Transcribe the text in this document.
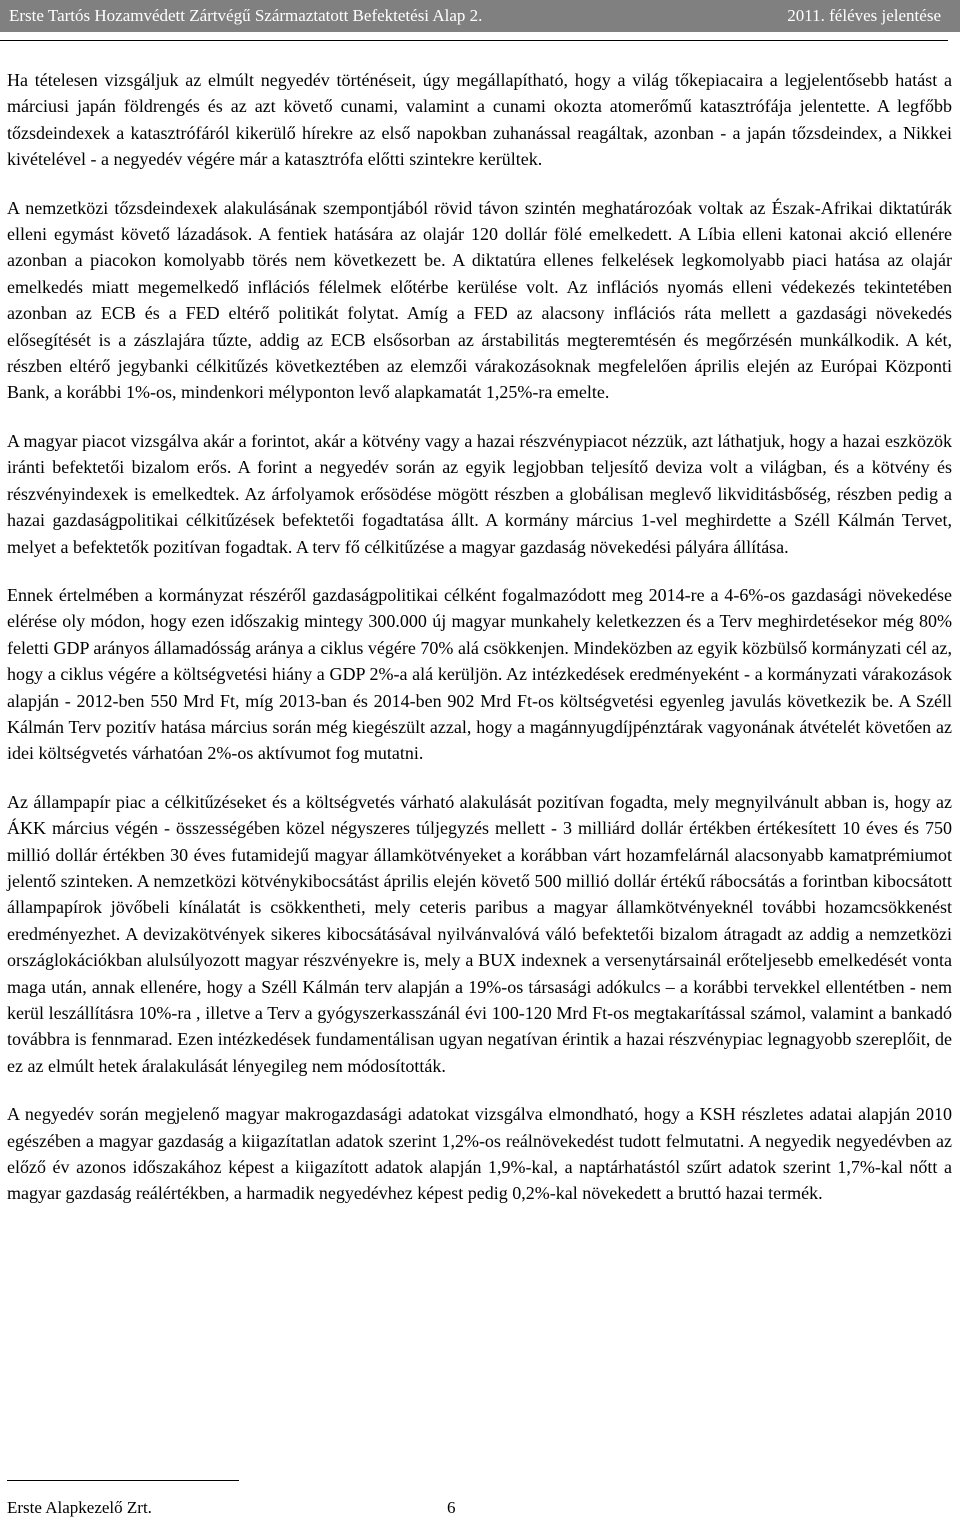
Erste Tartós Hozamvédett Zártvégű Származtatott Befektetési Alap 2.	2011. féléves jelentése

Ha tételesen vizsgáljuk az elmúlt negyedév történéseit, úgy megállapítható, hogy a világ tőkepiacaira a legjelentősebb hatást a márciusi japán földrengés és az azt követő cunami, valamint a cunami okozta atomerőmű katasztrófája jelentette. A legfőbb tőzsdeindexek a katasztrófáról kikerülő hírekre az első napokban zuhanással reagáltak, azonban - a japán tőzsdeindex, a Nikkei kivételével - a negyedév végére már a katasztrófa előtti szintekre kerültek.

A nemzetközi tőzsdeindexek alakulásának szempontjából rövid távon szintén meghatározóak voltak az Észak-Afrikai diktatúrák elleni egymást követő lázadások. A fentiek hatására az olajár 120 dollár fölé emelkedett. A Líbia elleni katonai akció ellenére azonban a piacokon komolyabb törés nem következett be. A diktatúra ellenes felkelések legkomolyabb piaci hatása az olajár emelkedés miatt megemelkedő inflációs félelmek előtérbe kerülése volt. Az inflációs nyomás elleni védekezés tekintetében azonban az ECB és a FED eltérő politikát folytat. Amíg a FED az alacsony inflációs ráta mellett a gazdasági növekedés elősegítését is a zászlajára tűzte, addig az ECB elsősorban az árstabilitás megteremtésén és megőrzésén munkálkodik. A két, részben eltérő jegybanki célkitűzés következtében az elemzői várakozásoknak megfelelően április elején az Európai Központi Bank, a korábbi 1%-os, mindenkori mélyponton levő alapkamatát 1,25%-ra emelte.

A magyar piacot vizsgálva akár a forintot, akár a kötvény vagy a hazai részvénypiacot nézzük, azt láthatjuk, hogy a hazai eszközök iránti befektetői bizalom erős. A forint a negyedév során az egyik legjobban teljesítő deviza volt a világban, és a kötvény és részvényindexek is emelkedtek. Az árfolyamok erősödése mögött részben a globálisan meglevő likviditásbőség, részben pedig a hazai gazdaságpolitikai célkitűzések befektetői fogadtatása állt. A kormány március 1-vel meghirdette a Széll Kálmán Tervet, melyet a befektetők pozitívan fogadtak. A terv fő célkitűzése a magyar gazdaság növekedési pályára állítása.

Ennek értelmében a kormányzat részéről gazdaságpolitikai célként fogalmazódott meg 2014-re a 4-6%-os gazdasági növekedése elérése oly módon, hogy ezen időszakig mintegy 300.000 új magyar munkahely keletkezzen és a Terv meghirdetésekor még 80% feletti GDP arányos államadósság aránya a ciklus végére 70% alá csökkenjen. Mindeközben az egyik közbülső kormányzati cél az, hogy a ciklus végére a költségvetési hiány a GDP 2%-a alá kerüljön. Az intézkedések eredményeként - a kormányzati várakozások alapján - 2012-ben 550 Mrd Ft, míg 2013-ban és 2014-ben 902 Mrd Ft-os költségvetési egyenleg javulás következik be. A Széll Kálmán Terv pozitív hatása március során még kiegészült azzal, hogy a magánnyugdíjpénztárak vagyonának átvételét követően az idei költségvetés várhatóan 2%-os aktívumot fog mutatni.

Az állampapír piac a célkitűzéseket és a költségvetés várható alakulását pozitívan fogadta, mely megnyilvánult abban is, hogy az ÁKK március végén - összességében közel négyszeres túljegyzés mellett - 3 milliárd dollár értékben értékesített 10 éves és 750 millió dollár értékben 30 éves futamidejű magyar államkötvényeket a korábban várt hozamfelárnál alacsonyabb kamatprémiumot jelentő szinteken. A nemzetközi kötvénykibocsátást április elején követő 500 millió dollár értékű rábocsátás a forintban kibocsátott állampapírok jövőbeli kínálatát is csökkentheti, mely ceteris paribus a magyar államkötvényeknél további hozamcsökkenést eredményezhet. A devizakötvények sikeres kibocsátásával nyilvánvalóvá váló befektetői bizalom átragadt az addig a nemzetközi országlokációkban alulsúlyozott magyar részvényekre is, mely a BUX indexnek a versenytársainál erőteljesebb emelkedését vonta maga után, annak ellenére, hogy a Széll Kálmán terv alapján a 19%-os társasági adókulcs – a korábbi tervekkel ellentétben - nem kerül leszállításra 10%-ra , illetve a Terv a gyógyszerkasszánál évi 100-120 Mrd Ft-os megtakarítással számol, valamint a bankadó továbbra is fennmarad. Ezen intézkedések fundamentálisan ugyan negatívan érintik a hazai részvénypiac legnagyobb szereplőit, de ez az elmúlt hetek áralakulását lényegileg nem módosították.

A negyedév során megjelenő magyar makrogazdasági adatokat vizsgálva elmondható, hogy a KSH részletes adatai alapján 2010 egészében a magyar gazdaság a kiigazítatlan adatok szerint 1,2%-os reálnövekedést tudott felmutatni. A negyedik negyedévben az előző év azonos időszakához képest a kiigazított adatok alapján 1,9%-kal, a naptárhatástól szűrt adatok szerint 1,7%-kal nőtt a magyar gazdaság reálértékben, a harmadik negyedévhez képest pedig 0,2%-kal növekedett a bruttó hazai termék.

Erste Alapkezelő Zrt.	6
